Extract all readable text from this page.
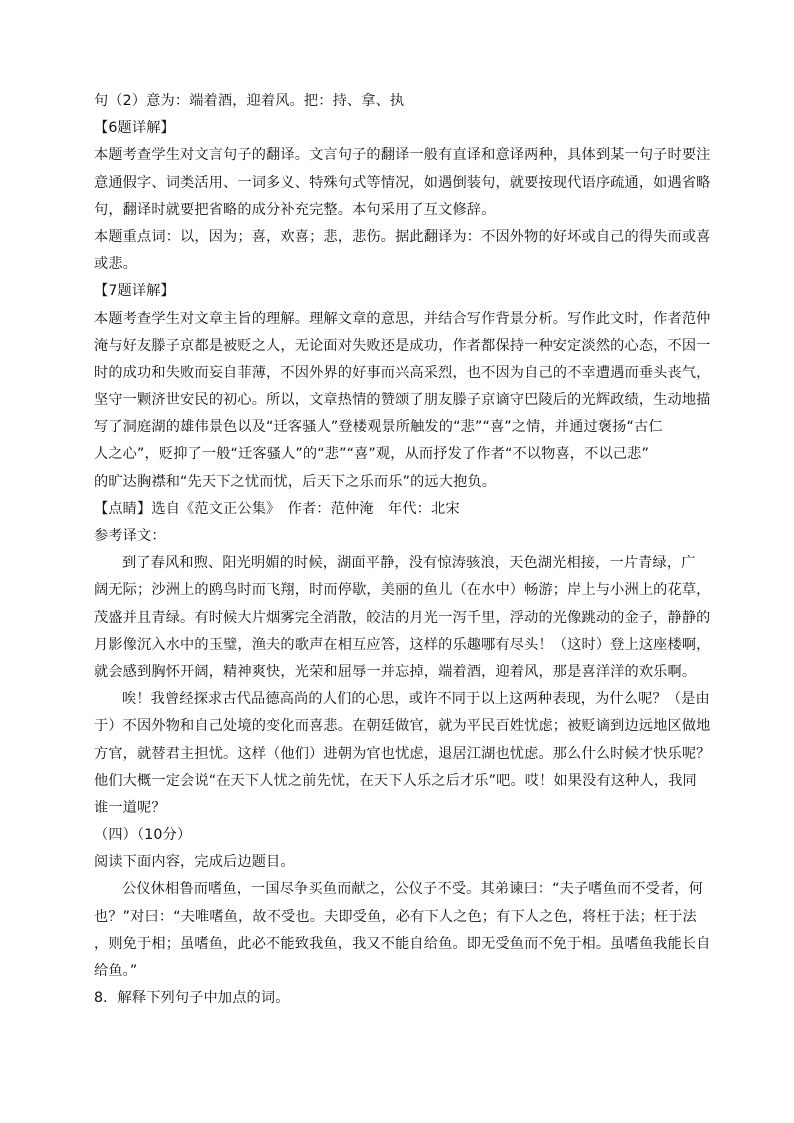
句（2）意为：端着酒，迎着风。把：持、拿、执
【6题详解】
本题考查学生对文言句子的翻译。文言句子的翻译一般有直译和意译两种，具体到某一句子时要注
意通假字、词类活用、一词多义、特殊句式等情况，如遇倒装句，就要按现代语序疏通，如遇省略
句，翻译时就要把省略的成分补充完整。本句采用了互文修辞。
本题重点词：以，因为；喜，欢喜；悲，悲伤。据此翻译为：不因外物的好坏或自己的得失而或喜
或悲。
【7题详解】
本题考查学生对文章主旨的理解。理解文章的意思，并结合写作背景分析。写作此文时，作者范仲
淹与好友滕子京都是被贬之人，无论面对失败还是成功，作者都保持一种安定淡然的心态，不因一
时的成功和失败而妄自菲薄，不因外界的好事而兴高采烈，也不因为自己的不幸遭遇而垂头丧气，
坚守一颗济世安民的初心。所以，文章热情的赞颂了朋友滕子京谪守巴陵后的光辉政绩，生动地描
写了洞庭湖的雄伟景色以及“迁客骚人”登楼观景所触发的“悲”“喜”之情，并通过褒扬“古仁
人之心”，贬抑了一般“迁客骚人”的“悲”“喜”观，从而抒发了作者“不以物喜，不以己悲”
的旷达胸襟和“先天下之忧而忧，后天下之乐而乐”的远大抱负。
【点睛】选自《范文正公集》　作者：范仲淹　年代：北宋
参考译文：
到了春风和煦、阳光明媚的时候，湖面平静，没有惊涛骇浪，天色湖光相接，一片青绿，广
阔无际；沙洲上的鸥鸟时而飞翔，时而停歇，美丽的鱼儿（在水中）畅游；岸上与小洲上的花草，
茂盛并且青绿。有时候大片烟雾完全消散，皎洁的月光一泻千里，浮动的光像跳动的金子，静静的
月影像沉入水中的玉璧，渔夫的歌声在相互应答，这样的乐趣哪有尽头！（这时）登上这座楼啊，
就会感到胸怀开阔，精神爽快，光荣和屈辱一并忘掉，端着酒，迎着风，那是喜洋洋的欢乐啊。
唉！我曾经探求古代品德高尚的人们的心思，或许不同于以上这两种表现，为什么呢？（是由
于）不因外物和自己处境的变化而喜悲。在朝廷做官，就为平民百姓忧虑；被贬谪到边远地区做地
方官，就替君主担忧。这样（他们）进朝为官也忧虑，退居江湖也忧虑。那么什么时候才快乐呢？
他们大概一定会说“在天下人忧之前先忧，在天下人乐之后才乐”吧。哎！如果没有这种人，我同
谁一道呢？
（四）（10分）
阅读下面内容，完成后边题目。
公仪休相鲁而嗜鱼，一国尽争买鱼而献之，公仪子不受。其弟谏曰：“夫子嗜鱼而不受者，何
也？”对曰：“夫唯嗜鱼，故不受也。夫即受鱼，必有下人之色；有下人之色，将枉于法；枉于法
，则免于相；虽嗜鱼，此必不能致我鱼，我又不能自给鱼。即无受鱼而不免于相。虽嗜鱼我能长自
给鱼。”
8．解释下列句子中加点的词。
